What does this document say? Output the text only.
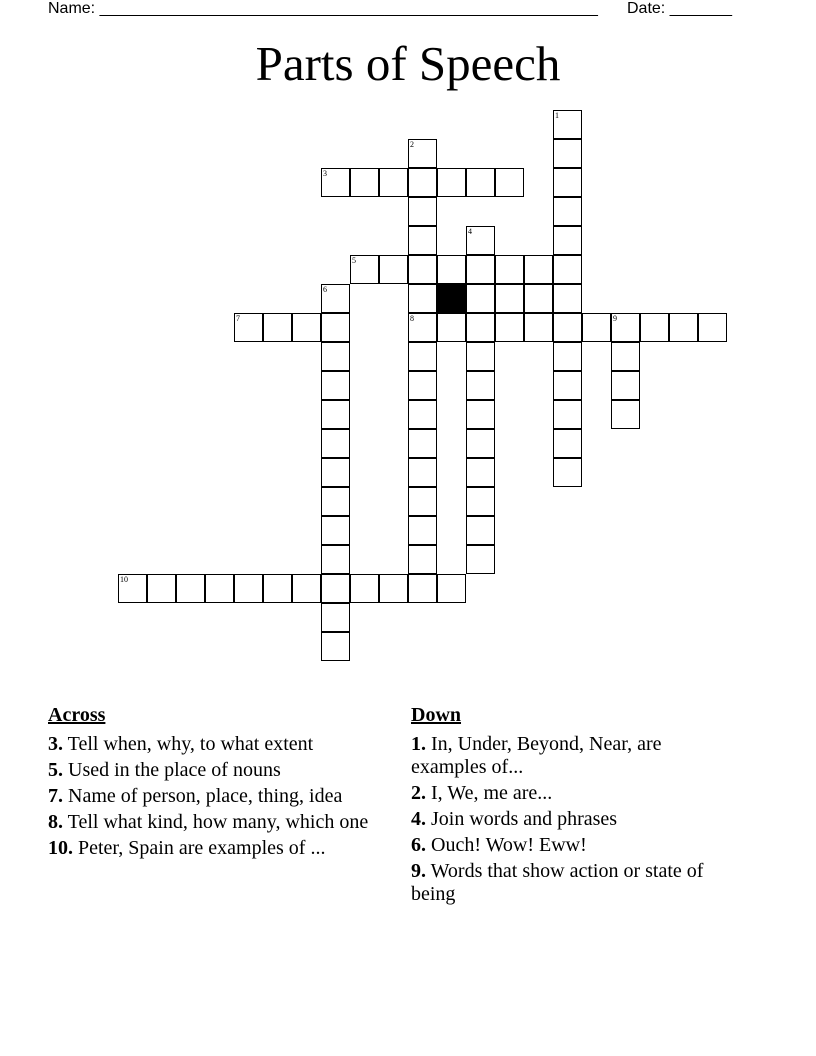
Name: ________________________________________________________ Date: _______
Parts of Speech
3
5
7	8	9
10
1
2
4
6
Across
3. Tell when, why, to what extent
5. Used in the place of nouns
7. Name of person, place, thing, idea
8. Tell what kind, how many, which one
10. Peter, Spain are examples of ...
Down
1. In, Under, Beyond, Near, are examples of...
2. I, We, me are...
4. Join words and phrases
6. Ouch! Wow! Eww!
9. Words that show action or state of being
